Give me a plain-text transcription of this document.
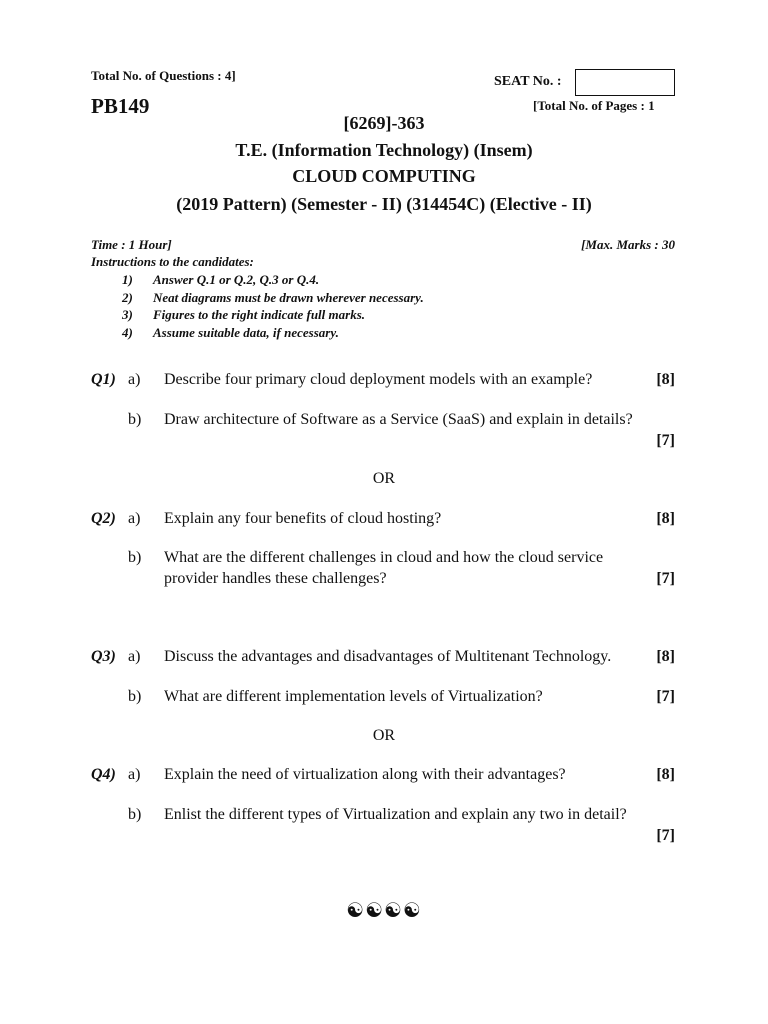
Total No. of Questions : 4]	SEAT No. :
PB149	[Total No. of Pages : 1
[6269]-363
T.E. (Information Technology) (Insem)
CLOUD COMPUTING
(2019 Pattern) (Semester - II) (314454C) (Elective - II)
Time : 1 Hour]	[Max. Marks : 30
Instructions to the candidates:
1) Answer Q.1 or Q.2, Q.3 or Q.4.
2) Neat diagrams must be drawn wherever necessary.
3) Figures to the right indicate full marks.
4) Assume suitable data, if necessary.
Q1) a) Describe four primary cloud deployment models with an example?	[8]
b) Draw architecture of Software as a Service (SaaS) and explain in details?
[7]
OR
Q2) a) Explain any four benefits of cloud hosting?	[8]
b) What are the different challenges in cloud and how the cloud service
provider handles these challenges?	[7]
Q3) a) Discuss the advantages and disadvantages of Multitenant Technology.	[8]
b) What are different implementation levels of Virtualization?	[7]
OR
Q4) a) Explain the need of virtualization along with their advantages?	[8]
b) Enlist the different types of Virtualization and explain any two in detail?
[7]
☯☯☯☯
